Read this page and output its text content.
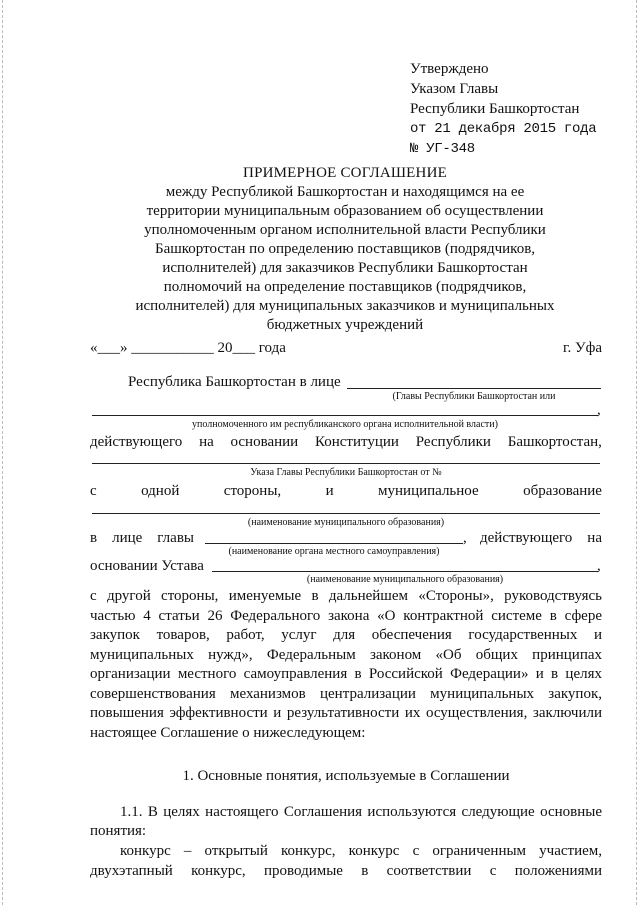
Утверждено
Указом Главы
Республики Башкортостан
от 21 декабря 2015 года
№ УГ-348
ПРИМЕРНОЕ СОГЛАШЕНИЕ
между Республикой Башкортостан и находящимся на ее
территории муниципальным образованием об осуществлении
уполномоченным органом исполнительной власти Республики
Башкортостан по определению поставщиков (подрядчиков,
исполнителей) для заказчиков Республики Башкортостан
полномочий на определение поставщиков (подрядчиков,
исполнителей) для муниципальных заказчиков и муниципальных
бюджетных учреждений
«___» ___________ 20___ года	г. Уфа
Республика Башкортостан в лице
(Главы Республики Башкортостан или
,
уполномоченного им республиканского органа исполнительной власти)
действующего на основании Конституции Республики Башкортостан,
Указа Главы Республики Башкортостан от №
с	одной	стороны,	и	муниципальное	образование
(наименование муниципального образования)
в    лице    главы	действующего    на
,
(наименование органа местного самоуправления)
основании Устава	,
(наименование муниципального образования)
с другой стороны, именуемые в дальнейшем «Стороны», руководствуясь
частью 4 статьи 26 Федерального закона «О контрактной системе в сфере
закупок товаров, работ, услуг для обеспечения государственных и
муниципальных нужд», Федеральным законом «Об общих принципах
организации местного самоуправления в Российской Федерации» и в целях
совершенствования механизмов централизации муниципальных закупок,
повышения эффективности и результативности их осуществления, заключили
настоящее Соглашение о нижеследующем:
1. Основные понятия, используемые в Соглашении
1.1. В целях настоящего Соглашения используются следующие основные
понятия:
конкурс – открытый конкурс, конкурс с ограниченным участием,
двухэтапный конкурс, проводимые в соответствии с положениями
